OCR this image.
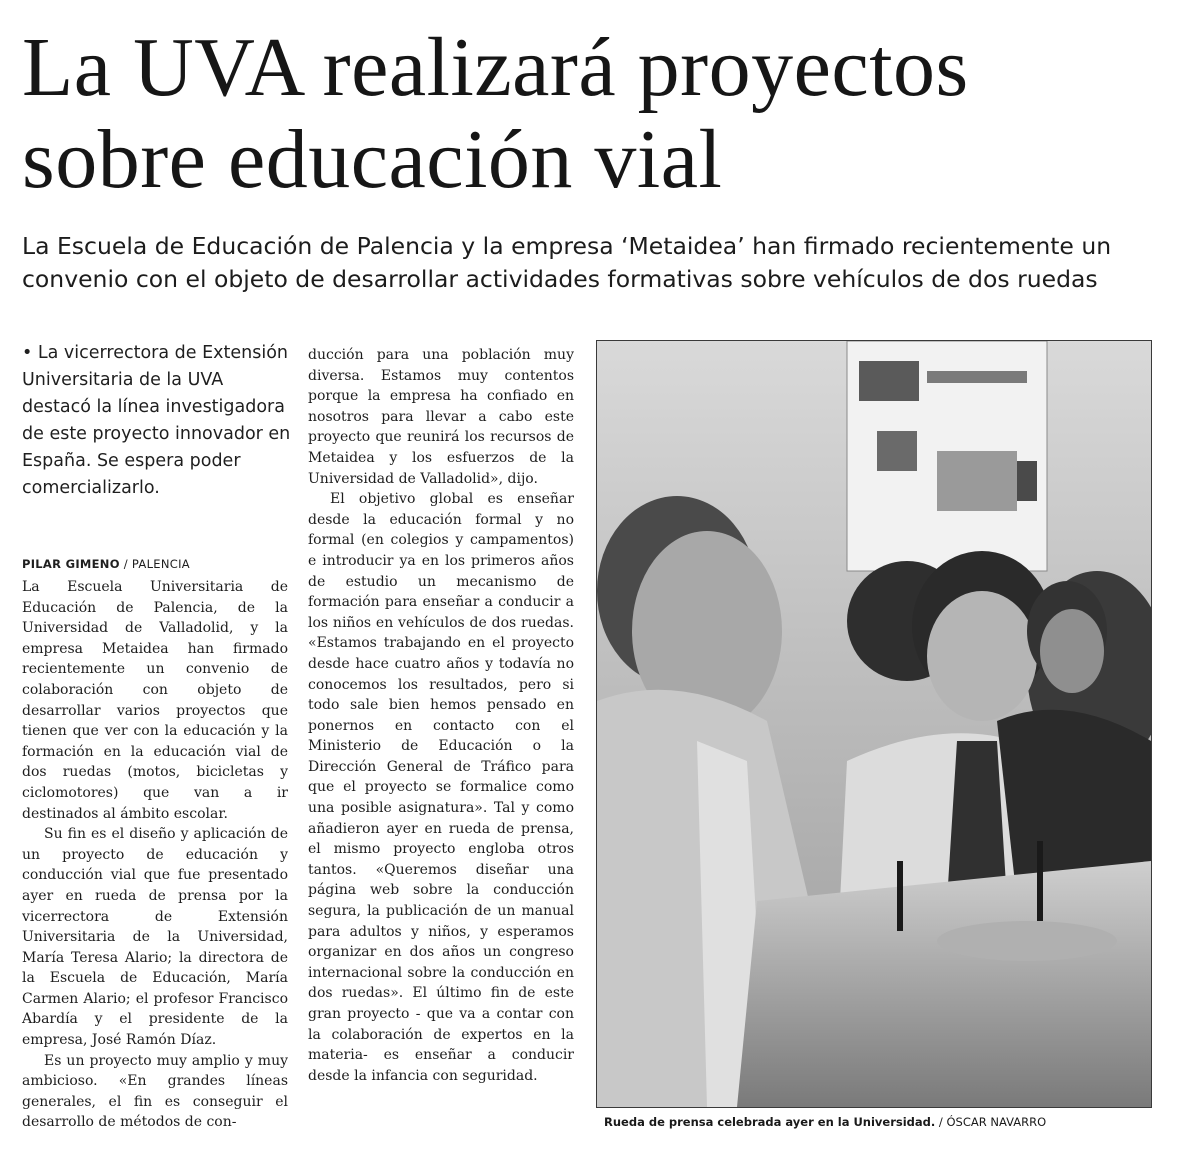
La UVA realizará proyectos
sobre educación vial

La Escuela de Educación de Palencia y la empresa ‘Metaidea’ han firmado recientemente un
convenio con el objeto de desarrollar actividades formativas sobre vehículos de dos ruedas

• La vicerrectora de Extensión Universitaria de la UVA destacó la línea investigadora de este proyecto innovador en España. Se espera poder comercializarlo.

PILAR GIMENO / PALENCIA

La Escuela Universitaria de Educación de Palencia, de la Universidad de Valladolid, y la empresa Metaidea han firmado recientemente un convenio de colaboración con objeto de desarrollar varios proyectos que tienen que ver con la educación y la formación en la educación vial de dos ruedas (motos, bicicletas y ciclomotores) que van a ir destinados al ámbito escolar.

Su fin es el diseño y aplicación de un proyecto de educación y conducción vial que fue presentado ayer en rueda de prensa por la vicerrectora de Extensión Universitaria de la Universidad, María Teresa Alario; la directora de la Escuela de Educación, María Carmen Alario; el profesor Francisco Abardía y el presidente de la empresa, José Ramón Díaz.

Es un proyecto muy amplio y muy ambicioso. «En grandes líneas generales, el fin es conseguir el desarrollo de métodos de con-

ducción para una población muy diversa. Estamos muy contentos porque la empresa ha confiado en nosotros para llevar a cabo este proyecto que reunirá los recursos de Metaidea y los esfuerzos de la Universidad de Valladolid», dijo.

El objetivo global es enseñar desde la educación formal y no formal (en colegios y campamentos) e introducir ya en los primeros años de estudio un mecanismo de formación para enseñar a conducir a los niños en vehículos de dos ruedas. «Estamos trabajando en el proyecto desde hace cuatro años y todavía no conocemos los resultados, pero si todo sale bien hemos pensado en ponernos en contacto con el Ministerio de Educación o la Dirección General de Tráfico para que el proyecto se formalice como una posible asignatura». Tal y como añadieron ayer en rueda de prensa, el mismo proyecto engloba otros tantos. «Queremos diseñar una página web sobre la conducción segura, la publicación de un manual para adultos y niños, y esperamos organizar en dos años un congreso internacional sobre la conducción en dos ruedas». El último fin de este gran proyecto - que va a contar con la colaboración de expertos en la materia- es enseñar a conducir desde la infancia con seguridad.

Rueda de prensa celebrada ayer en la Universidad. / ÓSCAR NAVARRO
